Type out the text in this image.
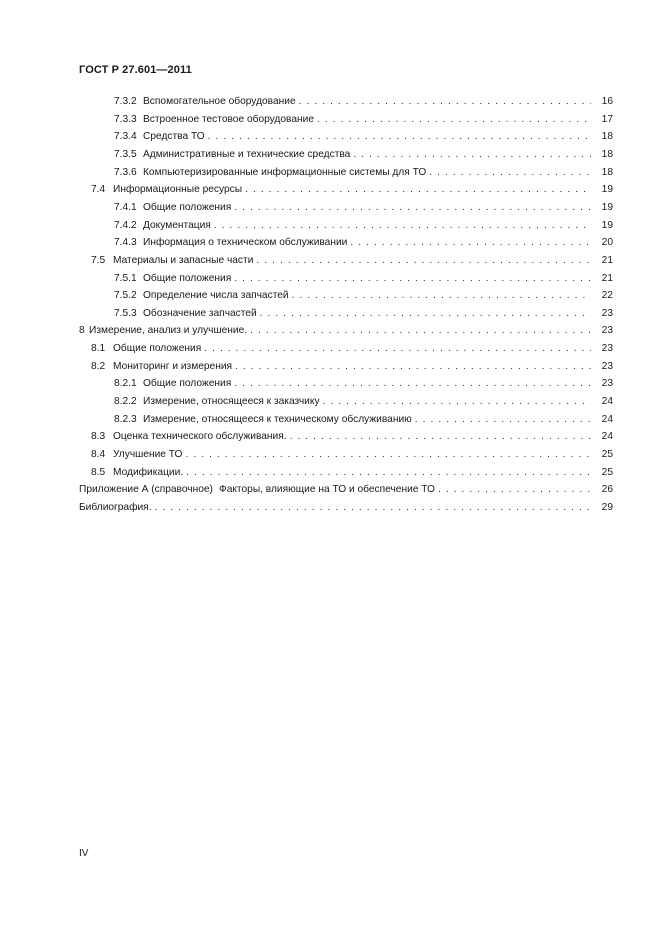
ГОСТ Р 27.601—2011
7.3.2 Вспомогательное оборудование . . .	16
7.3.3 Встроенное тестовое оборудование . . .	17
7.3.4 Средства ТО . . .	18
7.3.5 Административные и технические средства . . .	18
7.3.6 Компьютеризированные информационные системы для ТО . . .	18
7.4 Информационные ресурсы . . .	19
7.4.1 Общие положения . . .	19
7.4.2 Документация . . .	19
7.4.3 Информация о техническом обслуживании . . .	20
7.5 Материалы и запасные части . . .	21
7.5.1 Общие положения . . .	21
7.5.2 Определение числа запчастей . . .	22
7.5.3 Обозначение запчастей . . .	23
8 Измерение, анализ и улучшение. . . .	23
8.1 Общие положения . . .	23
8.2 Мониторинг и измерения . . .	23
8.2.1 Общие положения . . .	23
8.2.2 Измерение, относящееся к заказчику . . .	24
8.2.3 Измерение, относящееся к техническому обслуживанию . . .	24
8.3 Оценка технического обслуживания. . . .	24
8.4 Улучшение ТО . . .	25
8.5 Модификации. . . .	25
Приложение А (справочное) Факторы, влияющие на ТО и обеспечение ТО . . .	26
Библиография. . . .	29
IV
